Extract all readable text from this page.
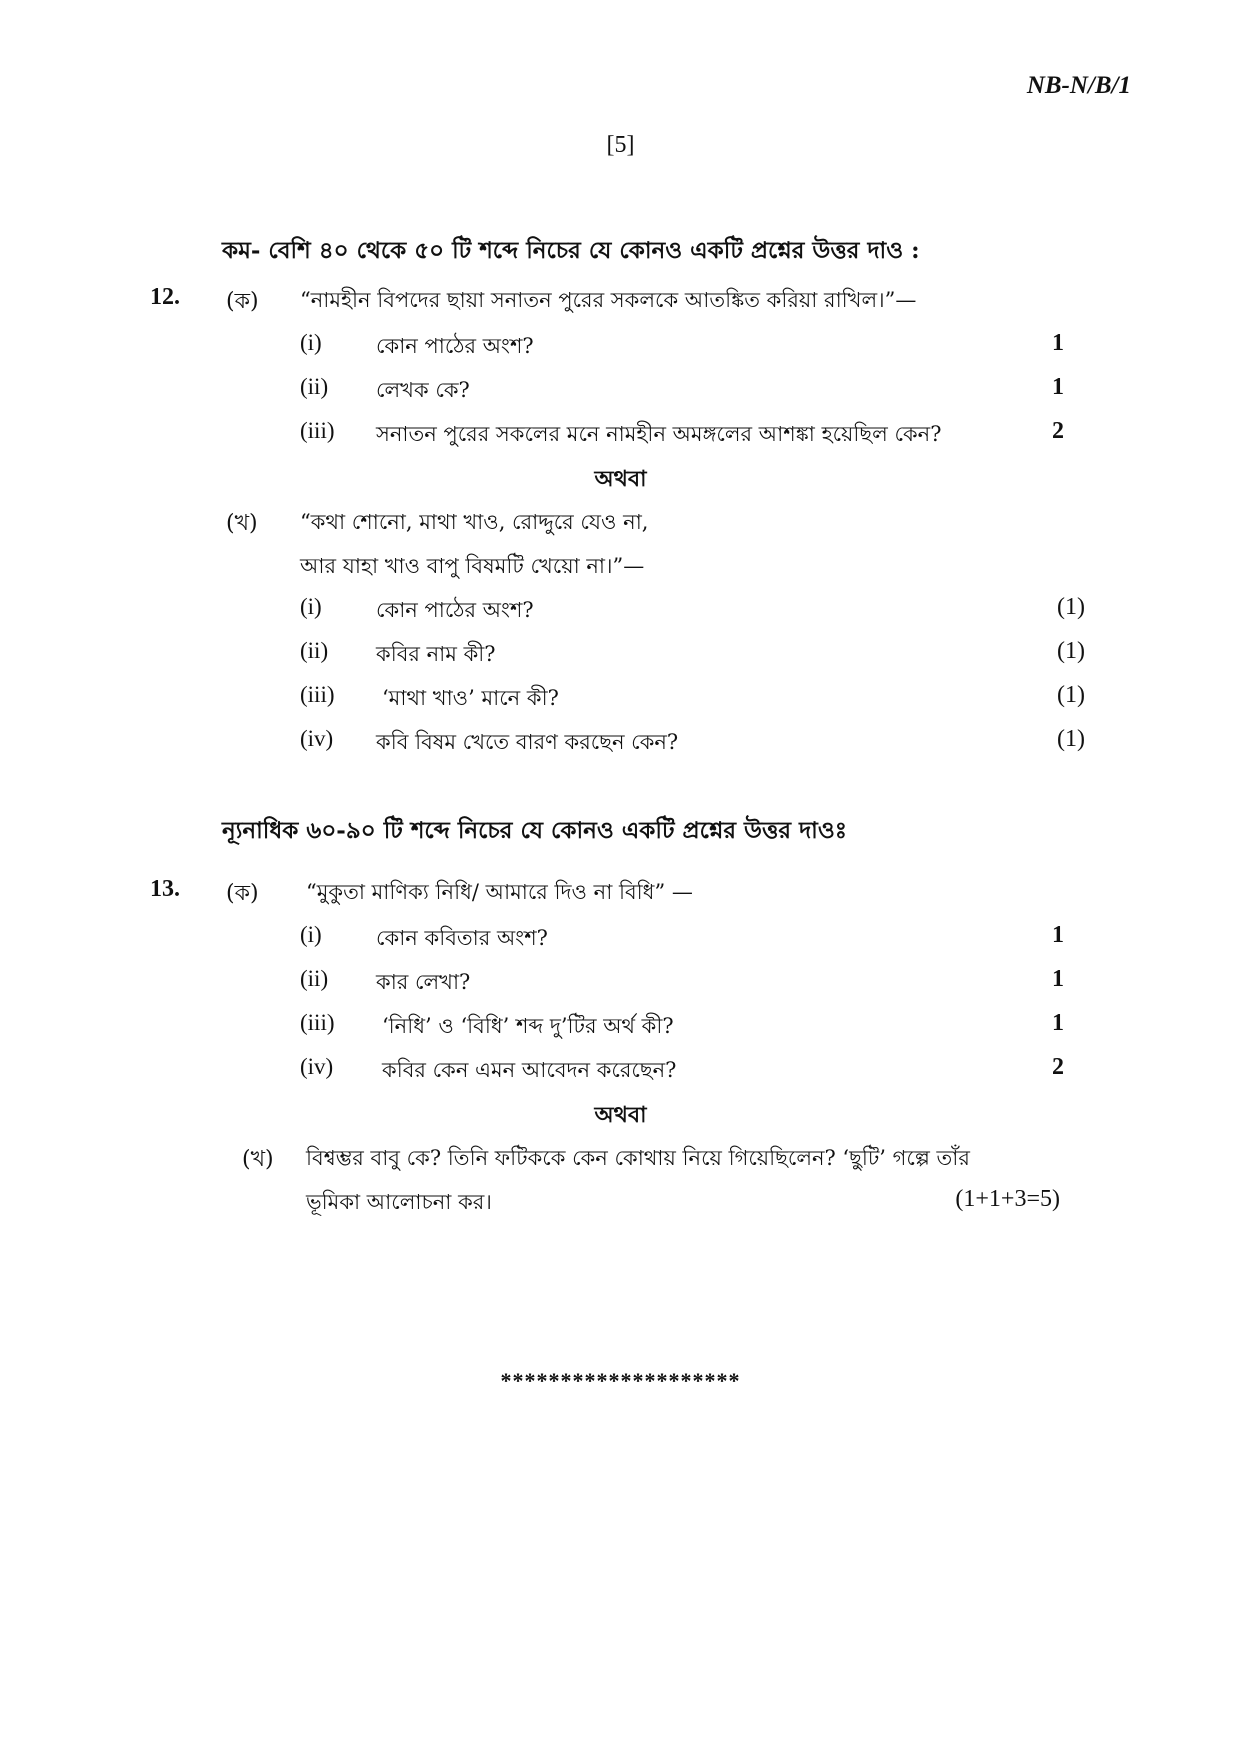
NB-N/B/1
[5]
কম- বেশি ৪০ থেকে ৫০ টি শব্দে নিচের যে কোনও একটি প্রশ্নের উত্তর দাও :
12. (ক) “নামহীন বিপদের ছায়া সনাতন পুরের সকলকে আতঙ্কিত করিয়া রাখিল।”—
(i)	কোন পাঠের অংশ?	1
(ii) লেখক কে?	1
(iii) সনাতন পুরের সকলের মনে নামহীন অমঙ্গলের আশঙ্কা হয়েছিল কেন?	2
অথবা
(খ) “কথা শোনো, মাথা খাও, রোদ্দুরে যেও না,
আর যাহা খাও বাপু বিষমটি খেয়ো না।”—
(i)	কোন পাঠের অংশ?	(1)
(ii) কবির নাম কী?	(1)
(iii) ‘মাথা খাও’ মানে কী?	(1)
(iv) কবি বিষম খেতে বারণ করছেন কেন?	(1)
ন্যূনাধিক ৬০-৯০ টি শব্দে নিচের যে কোনও একটি প্রশ্নের উত্তর দাওঃ
13. (ক) “মুকুতা মাণিক্য নিধি/ আমারে দিও না বিধি” —
(i)	কোন কবিতার অংশ?	1
(ii) কার লেখা?	1
(iii) ‘নিধি’ ও ‘বিধি’ শব্দ দু’টির অর্থ কী?	1
(iv) কবির কেন এমন আবেদন করেছেন?	2
অথবা
(খ) বিশ্বম্ভর বাবু কে? তিনি ফটিককে কেন কোথায় নিয়ে গিয়েছিলেন? ‘ছুটি’ গল্পে তাঁর
ভূমিকা আলোচনা কর।	(1+1+3=5)
********************
